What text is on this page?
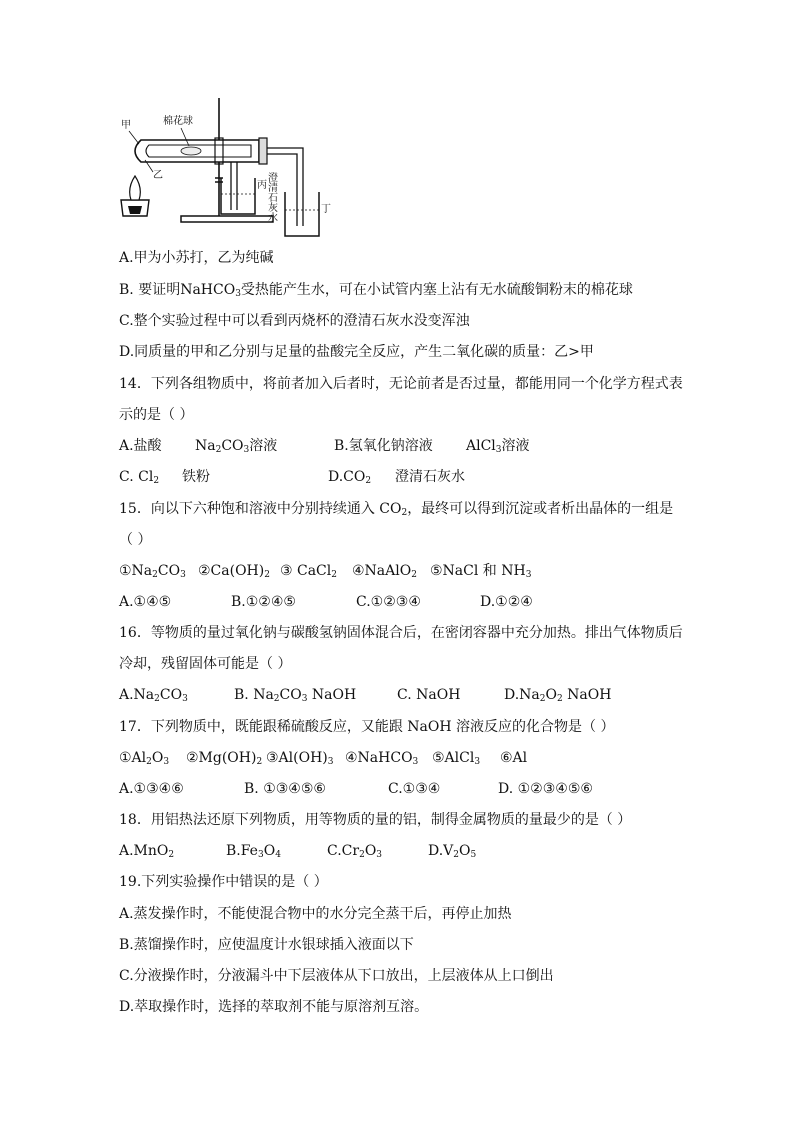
甲
乙
棉花球
丙
丁
澄清石灰水
A.甲为小苏打，乙为纯碱
B. 要证明NaHCO$_3$受热能产生水，可在小试管内塞上沾有无水硫酸铜粉末的棉花球
C.整个实验过程中可以看到丙烧杯的澄清石灰水没变浑浊
D.同质量的甲和乙分别与足量的盐酸完全反应，产生二氧化碳的质量：乙>甲
14．下列各组物质中，将前者加入后者时，无论前者是否过量，都能用同一个化学方程式表
示的是（ ）
A.盐酸 $Na_2CO_3$溶液	B.氢氧化钠溶液 AlCl$_3$溶液
C. $Cl_2$ 铁粉	$D.CO_2$ 澄清石灰水
15．向以下六种饱和溶液中分别持续通入 $CO_2$，最终可以得到沉淀或者析出晶体的一组是
（ ）
$①Na_2CO_3$ $②Ca(OH)_2$ ③ CaCl$_2$ ④NaAlO$_2$ ⑤NaCl 和 $NH_3$
A.①④⑤	B.①②④⑤	C.①②③④	D.①②④
16．等物质的量过氧化钠与碳酸氢钠固体混合后，在密闭容器中充分加热。排出气体物质后
冷却，残留固体可能是（ ）
$A.Na_2CO_3$	B. $Na_2CO_3$ NaOH	C. NaOH	$D.Na_2O_2$ NaOH
17．下列物质中，既能跟稀硫酸反应，又能跟 NaOH 溶液反应的化合物是（ ）
$①Al_2O_3$ $②Mg(OH)_2$ $③Al(OH)_3$ ④NaHCO$_3$ ⑤AlCl$_3$ ⑥Al
A.①③④⑥	B. ①③④⑤⑥	C.①③④	D. ①②③④⑤⑥
18．用铝热法还原下列物质，用等物质的量的铝，制得金属物质的量最少的是（ ）
A.MnO$_2$	$B.Fe_3O_4$	$C.Cr_2O_3$	$D.V_2O_5$
19.下列实验操作中错误的是（ ）
A.蒸发操作时，不能使混合物中的水分完全蒸干后，再停止加热
B.蒸馏操作时，应使温度计水银球插入液面以下
C.分液操作时，分液漏斗中下层液体从下口放出，上层液体从上口倒出
D.萃取操作时，选择的萃取剂不能与原溶剂互溶。
